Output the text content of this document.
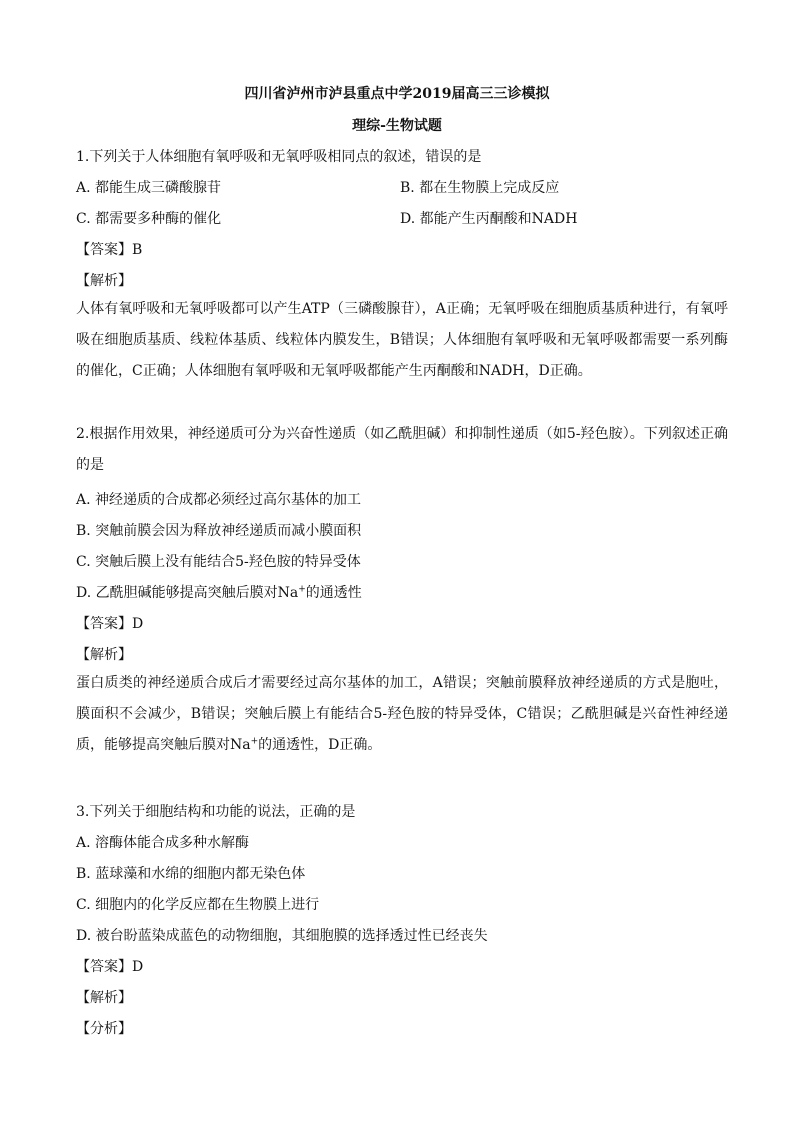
四川省泸州市泸县重点中学2019届高三三诊模拟
理综-生物试题
1.下列关于人体细胞有氧呼吸和无氧呼吸相同点的叙述，错误的是
A. 都能生成三磷酸腺苷	B. 都在生物膜上完成反应
C. 都需要多种酶的催化	D. 都能产生丙酮酸和NADH
【答案】B
【解析】
人体有氧呼吸和无氧呼吸都可以产生ATP（三磷酸腺苷），A正确；无氧呼吸在细胞质基质种进行，有氧呼吸在细胞质基质、线粒体基质、线粒体内膜发生，B错误；人体细胞有氧呼吸和无氧呼吸都需要一系列酶的催化，C正确；人体细胞有氧呼吸和无氧呼吸都能产生丙酮酸和NADH，D正确。
2.根据作用效果，神经递质可分为兴奋性递质（如乙酰胆碱）和抑制性递质（如5-羟色胺）。下列叙述正确的是
A. 神经递质的合成都必须经过高尔基体的加工
B. 突触前膜会因为释放神经递质而减小膜面积
C. 突触后膜上没有能结合5-羟色胺的特异受体
D. 乙酰胆碱能够提高突触后膜对Na+的通透性
【答案】D
【解析】
蛋白质类的神经递质合成后才需要经过高尔基体的加工，A错误；突触前膜释放神经递质的方式是胞吐，膜面积不会减少，B错误；突触后膜上有能结合5-羟色胺的特异受体，C错误；乙酰胆碱是兴奋性神经递质，能够提高突触后膜对Na+的通透性，D正确。
3.下列关于细胞结构和功能的说法，正确的是
A. 溶酶体能合成多种水解酶
B. 蓝球藻和水绵的细胞内都无染色体
C. 细胞内的化学反应都在生物膜上进行
D. 被台盼蓝染成蓝色的动物细胞，其细胞膜的选择透过性已经丧失
【答案】D
【解析】
【分析】
